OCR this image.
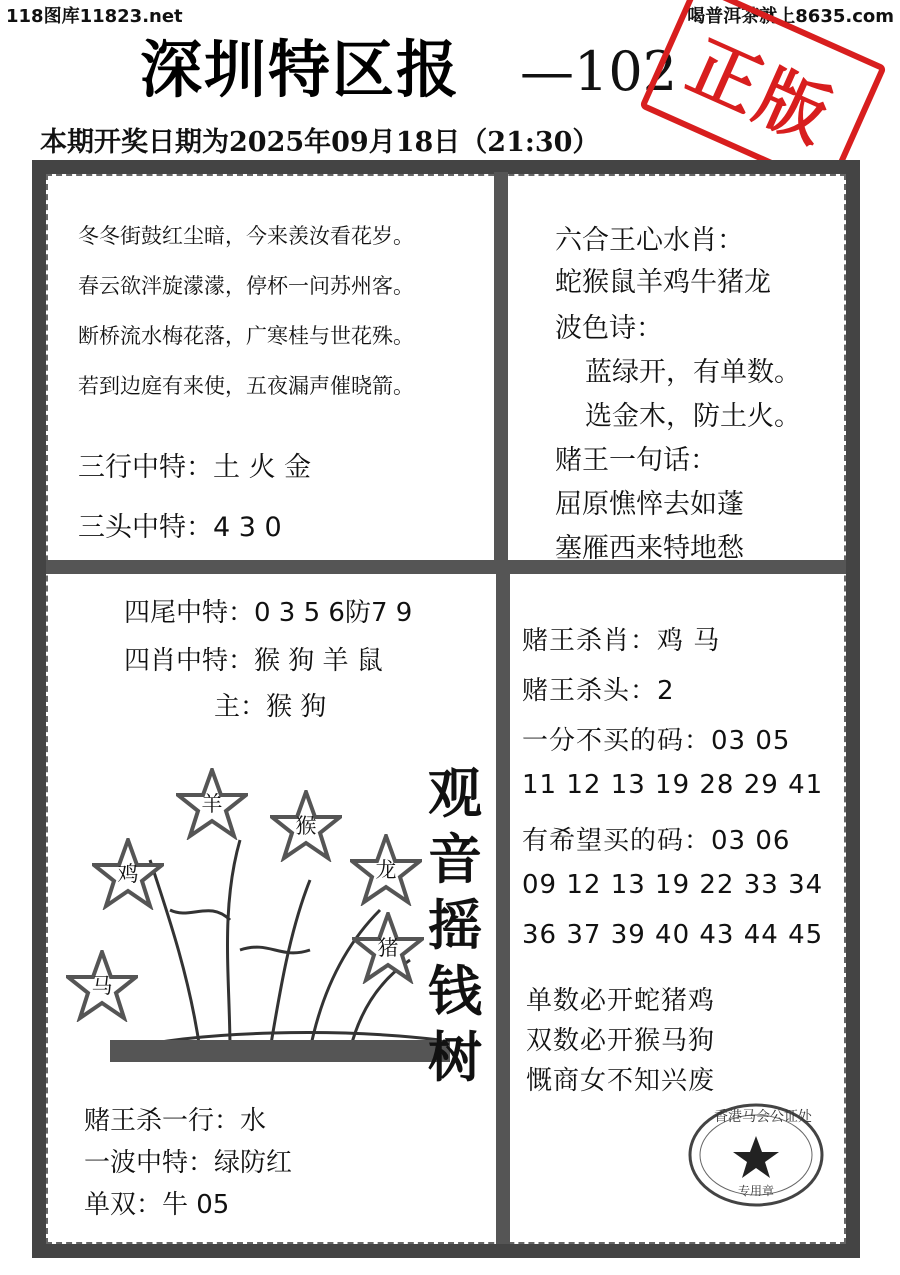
118图库11823.net	喝普洱茶就上8635.com
深圳特区报 —102
本期开奖日期为2025年09月18日（21:30） 正版
冬冬街鼓红尘暗，今来羡汝看花岁。
春云欲泮旋濛濛，停杯一问苏州客。
断桥流水梅花落，广寒桂与世花殊。
若到边庭有来使，五夜漏声催晓箭。
三行中特：土 火 金
三头中特：4 3 0
六合王心水肖：
蛇猴鼠羊鸡牛猪龙
波色诗：
蓝绿开，有单数。
选金木，防土火。
赌王一句话：
屈原憔悴去如蓬
塞雁西来特地愁
四尾中特：0 3 5 6防7 9
四肖中特：猴 狗 羊 鼠
主：猴 狗
羊
猴
鸡	龙
猪
马
观
音
摇
钱
树
赌王杀一行：水
一波中特：绿防红
单双：牛 05
赌王杀肖：鸡 马
赌王杀头：2
一分不买的码：03 05
11 12 13 19 28 29 41
有希望买的码：03 06
09 12 13 19 22 33 34
36 37 39 40 43 44 45
单数必开蛇猪鸡
双数必开猴马狗
慨商女不知兴废
香港马会公证处
专用章
